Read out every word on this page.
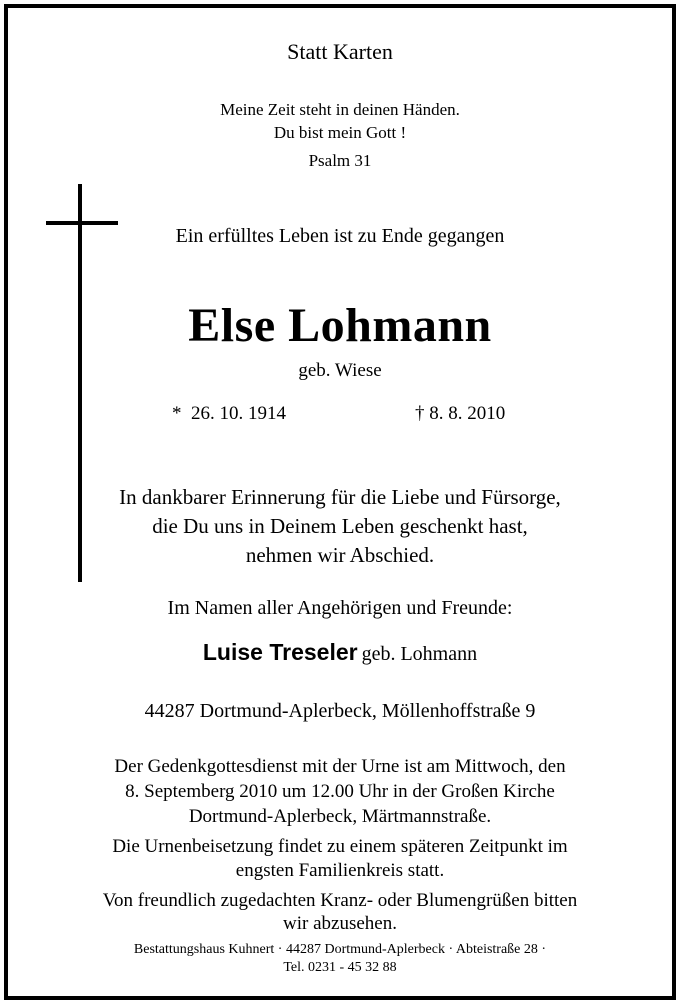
Statt Karten
Meine Zeit steht in deinen Händen.
Du bist mein Gott !
Psalm 31
Ein erfülltes Leben ist zu Ende gegangen
Else Lohmann
geb. Wiese
* 26. 10. 1914	† 8. 8. 2010
In dankbarer Erinnerung für die Liebe und Fürsorge,
die Du uns in Deinem Leben geschenkt hast,
nehmen wir Abschied.
Im Namen aller Angehörigen und Freunde:
Luise Treseler geb. Lohmann
44287 Dortmund-Aplerbeck, Möllenhoffstraße 9
Der Gedenkgottesdienst mit der Urne ist am Mittwoch, den
8. Septemberg 2010 um 12.00 Uhr in der Großen Kirche
Dortmund-Aplerbeck, Märtmannstraße.
Die Urnenbeisetzung findet zu einem späteren Zeitpunkt im
engsten Familienkreis statt.
Von freundlich zugedachten Kranz- oder Blumengrüßen bitten
wir abzusehen.
Bestattungshaus Kuhnert · 44287 Dortmund-Aplerbeck · Abteistraße 28 ·
Tel. 0231 - 45 32 88
